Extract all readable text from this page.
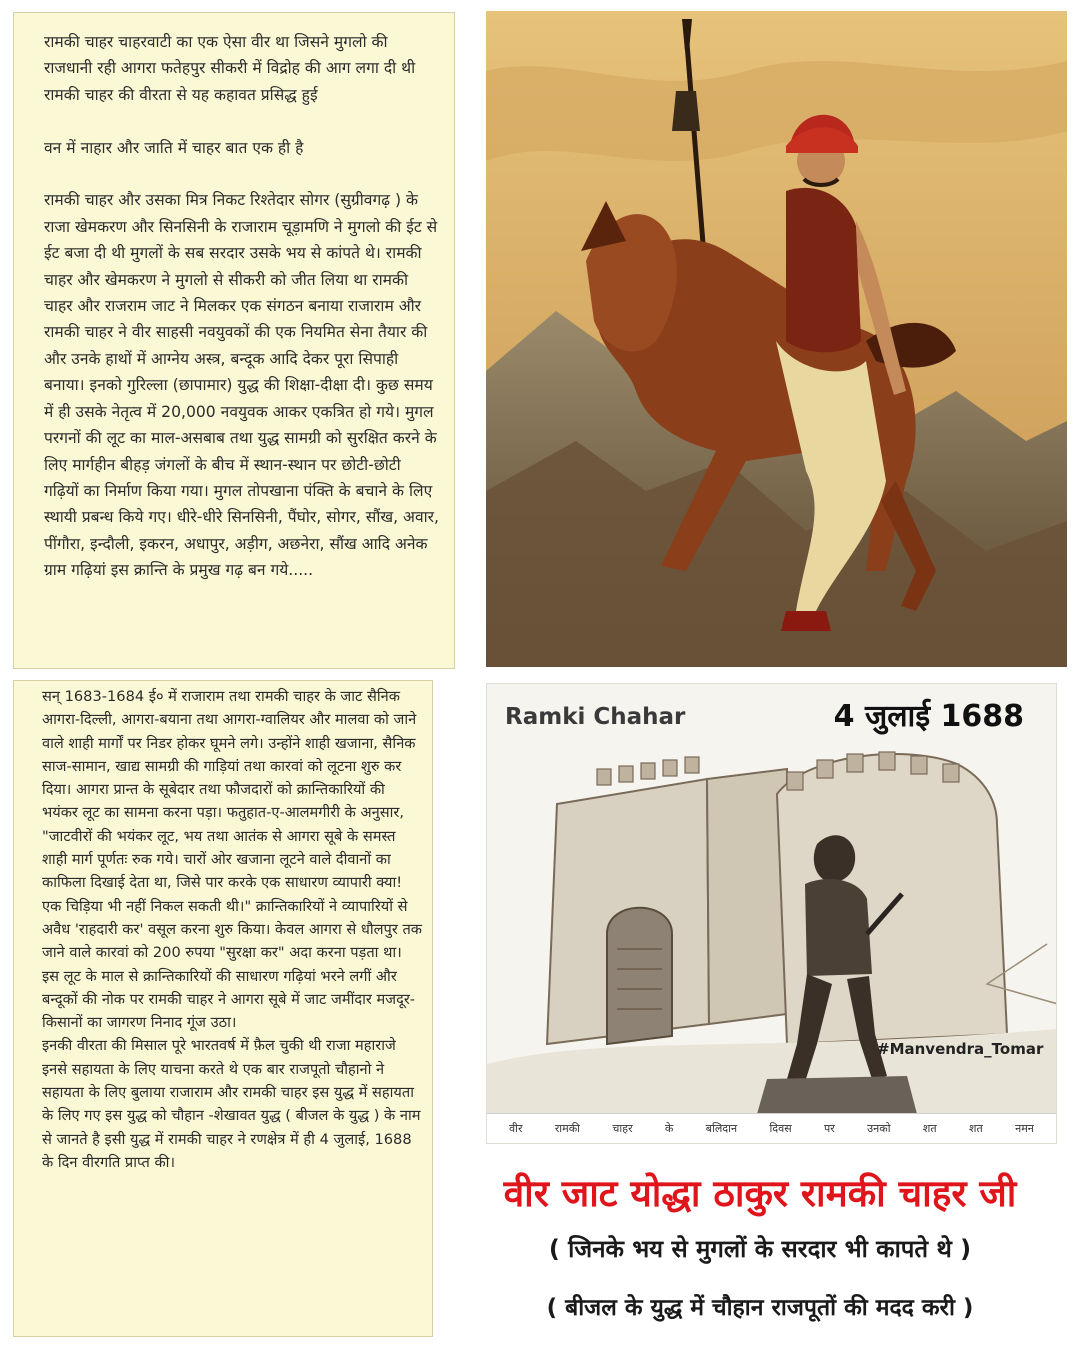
रामकी चाहर चाहरवाटी का एक ऐसा वीर था जिसने मुगलो की राजधानी रही आगरा फतेहपुर सीकरी में विद्रोह की आग लगा दी थी रामकी चाहर की वीरता से यह कहावत प्रसिद्ध हुई

वन में नाहार और जाति में चाहर बात एक ही है

रामकी चाहर और उसका मित्र निकट रिश्तेदार सोगर (सुग्रीवगढ़ ) के राजा खेमकरण और सिनसिनी के राजाराम चूड़ामणि ने मुगलो की ईट से ईट बजा दी थी मुगलों के सब सरदार उसके भय से कांपते थे। रामकी चाहर और खेमकरण ने मुगलो से सीकरी को जीत लिया था रामकी चाहर और राजराम जाट ने मिलकर एक संगठन बनाया राजाराम और रामकी चाहर ने वीर साहसी नवयुवकों की एक नियमित सेना तैयार की और उनके हाथों में आग्नेय अस्त्र, बन्दूक आदि देकर पूरा सिपाही बनाया। इनको गुरिल्ला (छापामार) युद्ध की शिक्षा-दीक्षा दी। कुछ समय में ही उसके नेतृत्व में 20,000 नवयुवक आकर एकत्रित हो गये। मुगल परगनों की लूट का माल-असबाब तथा युद्ध सामग्री को सुरक्षित करने के लिए मार्गहीन बीहड़ जंगलों के बीच में स्थान-स्थान पर छोटी-छोटी गढ़ियों का निर्माण किया गया। मुगल तोपखाना पंक्ति के बचाने के लिए स्थायी प्रबन्ध किये गए। धीरे-धीरे सिनसिनी, पैंघोर, सोगर, सौंख, अवार, पींगौरा, इन्दौली, इकरन, अधापुर, अड़ीग, अछनेरा, सौंख आदि अनेक ग्राम गढ़ियां इस क्रान्ति के प्रमुख गढ़ बन गये.....

सन् 1683-1684 ई० में राजाराम तथा रामकी चाहर के जाट सैनिक आगरा-दिल्ली, आगरा-बयाना तथा आगरा-ग्वालियर और मालवा को जाने वाले शाही मार्गों पर निडर होकर घूमने लगे। उन्होंने शाही खजाना, सैनिक साज-सामान, खाद्य सामग्री की गाड़ियां तथा कारवां को लूटना शुरु कर दिया। आगरा प्रान्त के सूबेदार तथा फौजदारों को क्रान्तिकारियों की भयंकर लूट का सामना करना पड़ा। फतुहात-ए-आलमगीरी के अनुसार, "जाटवीरों की भयंकर लूट, भय तथा आतंक से आगरा सूबे के समस्त शाही मार्ग पूर्णतः रुक गये। चारों ओर खजाना लूटने वाले दीवानों का काफिला दिखाई देता था, जिसे पार करके एक साधारण व्यापारी क्या! एक चिड़िया भी नहीं निकल सकती थी।" क्रान्तिकारियों ने व्यापारियों से अवैध 'राहदारी कर' वसूल करना शुरु किया। केवल आगरा से धौलपुर तक जाने वाले कारवां को 200 रुपया "सुरक्षा कर" अदा करना पड़ता था। इस लूट के माल से क्रान्तिकारियों की साधारण गढ़ियां भरने लगीं और बन्दूकों की नोक पर रामकी चाहर ने आगरा सूबे में जाट जमींदार मजदूर-किसानों का जागरण निनाद गूंज उठा।
इनकी वीरता की मिसाल पूरे भारतवर्ष में फ़ैल चुकी थी राजा महाराजे इनसे सहायता के लिए याचना करते थे एक बार राजपूतो चौहानो ने सहायता के लिए बुलाया राजाराम और रामकी चाहर इस युद्ध में सहायता के लिए गए इस युद्ध को चौहान -शेखावत युद्ध ( बीजल के युद्ध ) के नाम से जानते है इसी युद्ध में रामकी चाहर ने रणक्षेत्र में ही 4 जुलाई, 1688 के दिन वीरगति प्राप्त की।

Ramki Chahar	4 जुलाई 1688
#Manvendra_Tomar
वीर	रामकी	चाहर	के	बलिदान	दिवस	पर	उनको	शत	शत	नमन
वीर जाट योद्धा ठाकुर रामकी चाहर जी
( जिनके भय से मुगलों के सरदार भी कापते थे )
( बीजल के युद्ध में चौहान राजपूतों की मदद करी )
